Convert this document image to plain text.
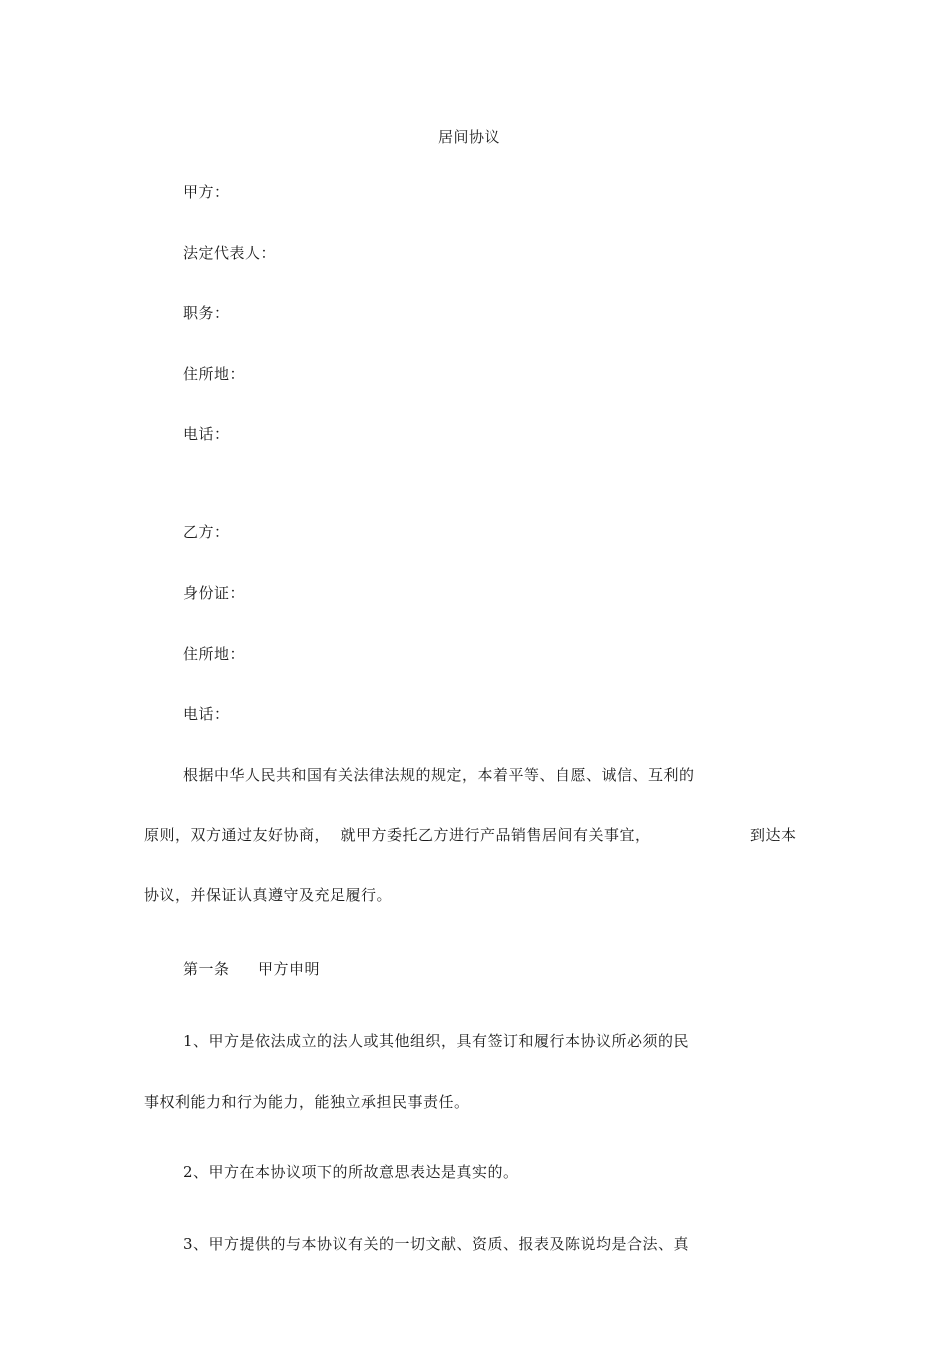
居间协议
甲方：
法定代表人：
职务：
住所地：
电话：
乙方：
身份证：
住所地：
电话：
根据中华人民共和国有关法律法规的规定，本着平等、自愿、诚信、互利的
原则，双方通过友好协商，  就甲方委托乙方进行产品销售居间有关事宜，	到达本
协议，并保证认真遵守及充足履行。
第一条 甲方申明
1、甲方是依法成立的法人或其他组织，具有签订和履行本协议所必须的民
事权利能力和行为能力，能独立承担民事责任。
2、甲方在本协议项下的所故意思表达是真实的。
3、甲方提供的与本协议有关的一切文献、资质、报表及陈说均是合法、真
